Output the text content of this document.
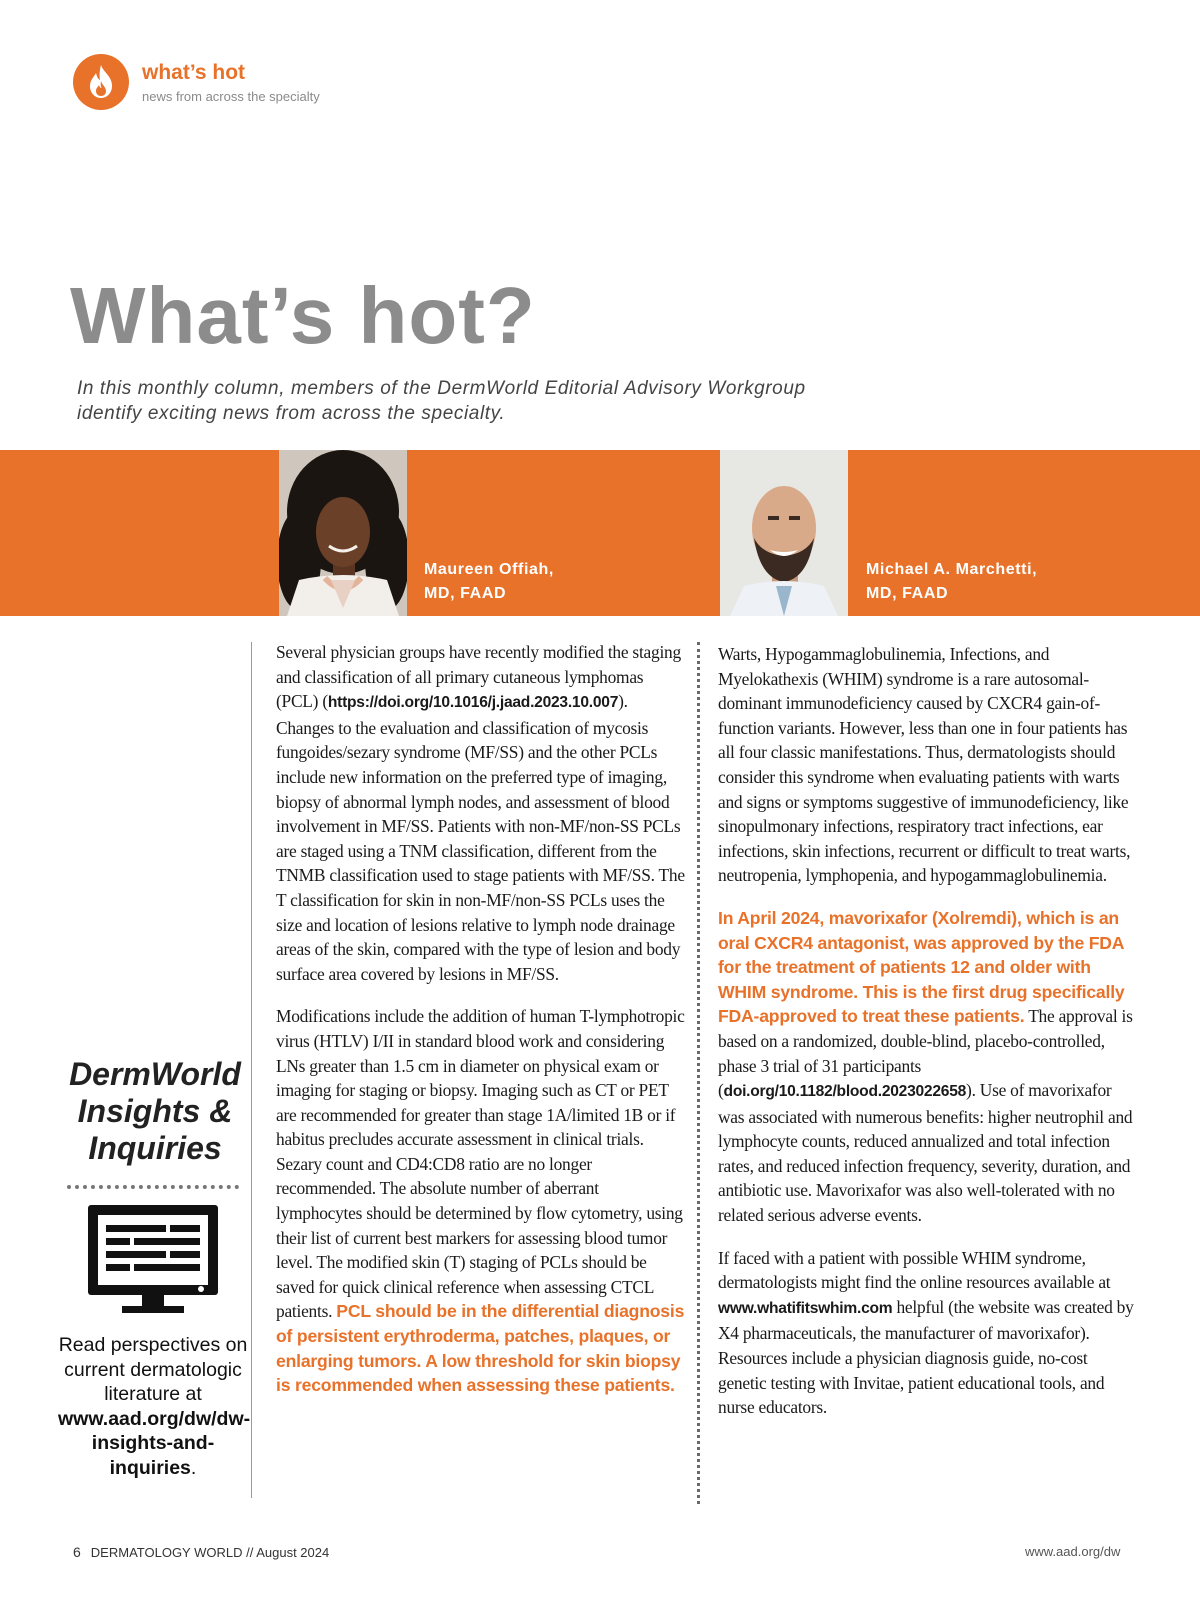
what’s hot
news from across the specialty
What’s hot?
In this monthly column, members of the DermWorld Editorial Advisory Workgroup identify exciting news from across the specialty.
Maureen Offiah,
MD, FAAD
Michael A. Marchetti,
MD, FAAD

Several physician groups have recently modified the staging and classification of all primary cutaneous lymphomas (PCL) (https://doi.org/10.1016/j.jaad.2023.10.007). Changes to the evaluation and classification of mycosis fungoides/sezary syndrome (MF/SS) and the other PCLs include new information on the preferred type of imaging, biopsy of abnormal lymph nodes, and assessment of blood involvement in MF/SS. Patients with non-MF/non-SS PCLs are staged using a TNM classification, different from the TNMB classification used to stage patients with MF/SS. The T classification for skin in non-MF/non-SS PCLs uses the size and location of lesions relative to lymph node drainage areas of the skin, compared with the type of lesion and body surface area covered by lesions in MF/SS.

Modifications include the addition of human T-lymphotropic virus (HTLV) I/II in standard blood work and considering LNs greater than 1.5 cm in diameter on physical exam or imaging for staging or biopsy. Imaging such as CT or PET are recommended for greater than stage 1A/limited 1B or if habitus precludes accurate assessment in clinical trials. Sezary count and CD4:CD8 ratio are no longer recommended. The absolute number of aberrant lymphocytes should be determined by flow cytometry, using their list of current best markers for assessing blood tumor level. The modified skin (T) staging of PCLs should be saved for quick clinical reference when assessing CTCL patients. PCL should be in the differential diagnosis of persistent erythroderma, patches, plaques, or enlarging tumors. A low threshold for skin biopsy is recommended when assessing these patients.

Warts, Hypogammaglobulinemia, Infections, and Myelokathexis (WHIM) syndrome is a rare autosomal-dominant immunodeficiency caused by CXCR4 gain-of-function variants. However, less than one in four patients has all four classic manifestations. Thus, dermatologists should consider this syndrome when evaluating patients with warts and signs or symptoms suggestive of immunodeficiency, like sinopulmonary infections, respiratory tract infections, ear infections, skin infections, recurrent or difficult to treat warts, neutropenia, lymphopenia, and hypogammaglobulinemia.

In April 2024, mavorixafor (Xolremdi), which is an oral CXCR4 antagonist, was approved by the FDA for the treatment of patients 12 and older with WHIM syndrome. This is the first drug specifically FDA-approved to treat these patients. The approval is based on a randomized, double-blind, placebo-controlled, phase 3 trial of 31 participants (doi.org/10.1182/blood.2023022658). Use of mavorixafor was associated with numerous benefits: higher neutrophil and lymphocyte counts, reduced annualized and total infection rates, and reduced infection frequency, severity, duration, and antibiotic use. Mavorixafor was also well-tolerated with no related serious adverse events.

If faced with a patient with possible WHIM syndrome, dermatologists might find the online resources available at www.whatifitswhim.com helpful (the website was created by X4 pharmaceuticals, the manufacturer of mavorixafor). Resources include a physician diagnosis guide, no-cost genetic testing with Invitae, patient educational tools, and nurse educators.

DermWorld Insights & Inquiries
Read perspectives on current dermatologic literature at www.aad.org/dw/dw-insights-and-inquiries.
6 DERMATOLOGY WORLD // August 2024	www.aad.org/dw
